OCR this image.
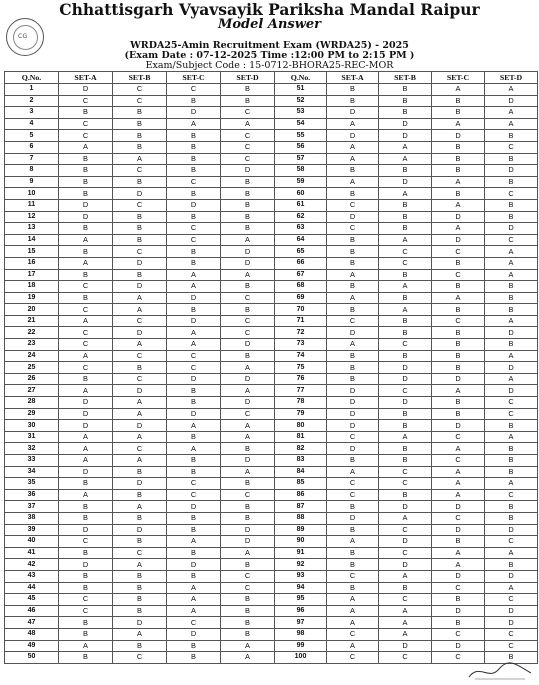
CG
Chhattisgarh Vyavsayik Pariksha Mandal Raipur
Model Answer
WRDA25-Amin Recruitment Exam (WRDA25) - 2025
(Exam Date : 07-12-2025 Time :12:00 PM to 2:15 PM )
Exam/Subject Code : 15-0712-BHORA25-REC-MOR
Q.No.	SET-A	SET-B	SET-C	SET-D	Q.No.	SET-A	SET-B	SET-C	SET-D
1	D	C	C	B	51	B	B	A	A
2	C	C	B	B	52	B	B	B	D
3	B	B	D	C	53	D	B	B	A
4	C	B	A	A	54	A	D	A	A
5	C	B	B	C	55	D	D	D	B
6	A	B	B	C	56	A	A	B	C
7	B	A	B	C	57	A	A	B	B
8	B	C	B	D	58	B	B	B	D
9	B	B	C	B	59	A	D	A	B
10	B	D	B	B	60	B	A	B	C
11	D	C	D	B	61	C	B	A	B
12	D	B	B	B	62	D	B	D	B
13	B	B	C	B	63	C	B	A	D
14	A	B	C	A	64	B	A	D	C
15	B	C	B	D	65	B	C	C	A
16	A	D	B	D	66	B	C	B	A
17	B	B	A	A	67	A	B	C	A
18	C	D	A	B	68	B	A	B	B
19	B	A	D	C	69	A	B	A	B
20	C	A	B	B	70	B	A	B	B
21	A	C	D	C	71	C	B	C	A
22	C	D	A	C	72	D	B	B	D
23	C	A	A	D	73	A	C	B	B
24	A	C	C	B	74	B	B	B	A
25	C	B	C	A	75	B	D	B	D
26	B	C	D	D	76	B	D	D	A
27	A	D	B	A	77	D	C	A	D
28	D	A	B	D	78	D	D	B	C
29	D	A	D	C	79	D	B	B	C
30	D	D	A	A	80	D	B	D	B
31	A	A	B	A	81	C	A	C	A
32	A	C	A	B	82	D	B	A	B
33	A	A	B	D	83	B	B	C	B
34	D	B	B	A	84	A	C	A	B
35	B	D	C	B	85	C	C	A	A
36	A	B	C	C	86	C	B	A	C
37	B	A	D	B	87	B	D	D	B
38	B	B	B	B	88	D	A	C	B
39	D	D	B	D	89	B	C	D	D
40	C	B	A	D	90	A	D	B	C
41	B	C	B	A	91	B	C	A	A
42	D	A	D	B	92	B	D	A	B
43	B	B	B	C	93	C	A	D	D
44	B	B	A	C	94	B	B	C	A
45	C	B	A	B	95	A	C	B	C
46	C	B	A	B	96	A	A	D	D
47	B	D	C	B	97	A	A	B	D
48	B	A	D	B	98	C	A	C	C
49	A	B	B	A	99	A	D	D	C
50	B	C	B	A	100	C	C	C	B
